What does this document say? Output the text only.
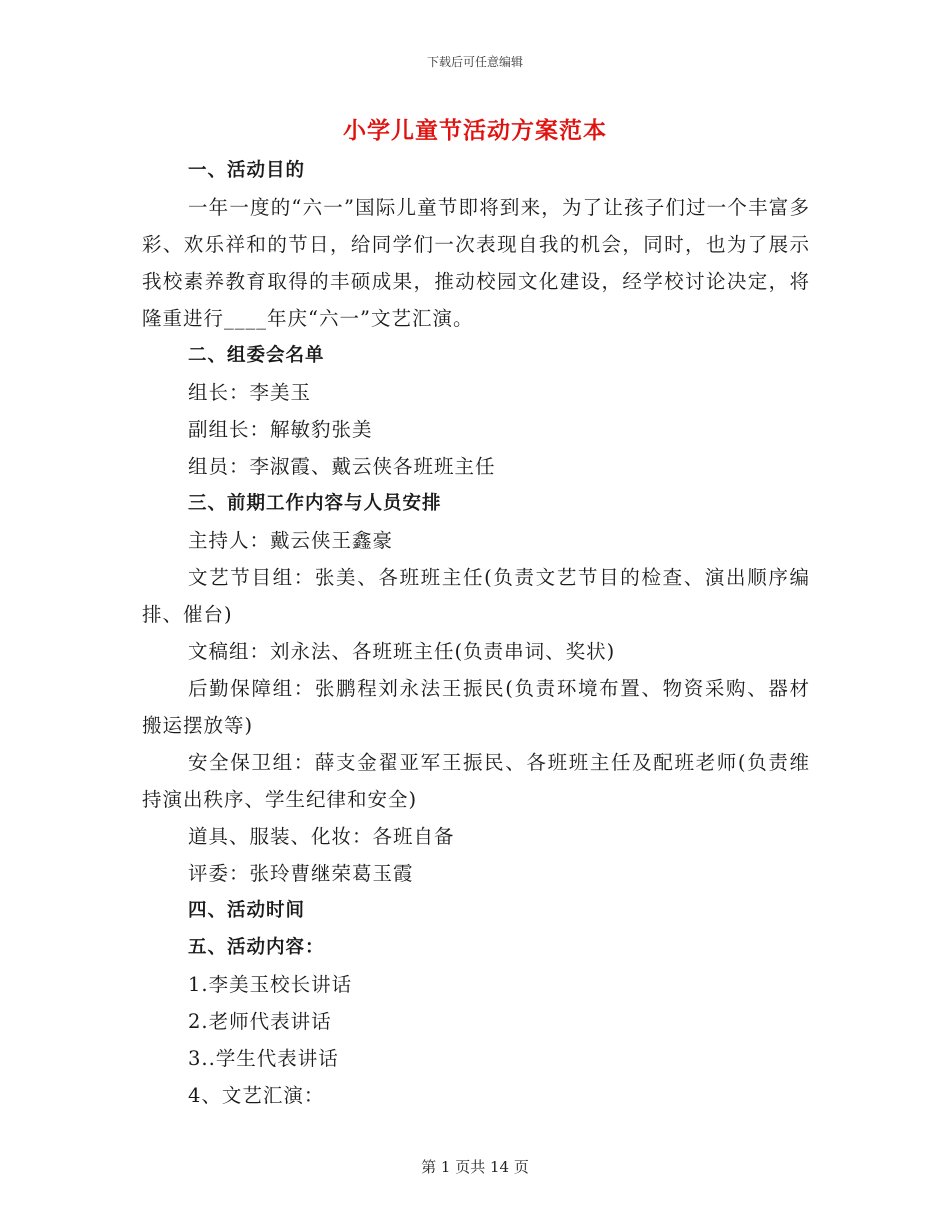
下载后可任意编辑
小学儿童节活动方案范本
一、活动目的
一年一度的“六一”国际儿童节即将到来，为了让孩子们过一个丰富多彩、欢乐祥和的节日，给同学们一次表现自我的机会，同时，也为了展示我校素养教育取得的丰硕成果，推动校园文化建设，经学校讨论决定，将隆重进行____年庆“六一”文艺汇演。
二、组委会名单
组长：李美玉
副组长：解敏豹张美
组员：李淑霞、戴云侠各班班主任
三、前期工作内容与人员安排
主持人：戴云侠王鑫豪
文艺节目组：张美、各班班主任(负责文艺节目的检查、演出顺序编排、催台)
文稿组：刘永法、各班班主任(负责串词、奖状)
后勤保障组：张鹏程刘永法王振民(负责环境布置、物资采购、器材搬运摆放等)
安全保卫组：薛支金翟亚军王振民、各班班主任及配班老师(负责维持演出秩序、学生纪律和安全)
道具、服装、化妆：各班自备
评委：张玲曹继荣葛玉霞
四、活动时间
五、活动内容：
1.李美玉校长讲话
2.老师代表讲话
3..学生代表讲话
4、文艺汇演：
第 1 页共 14 页
